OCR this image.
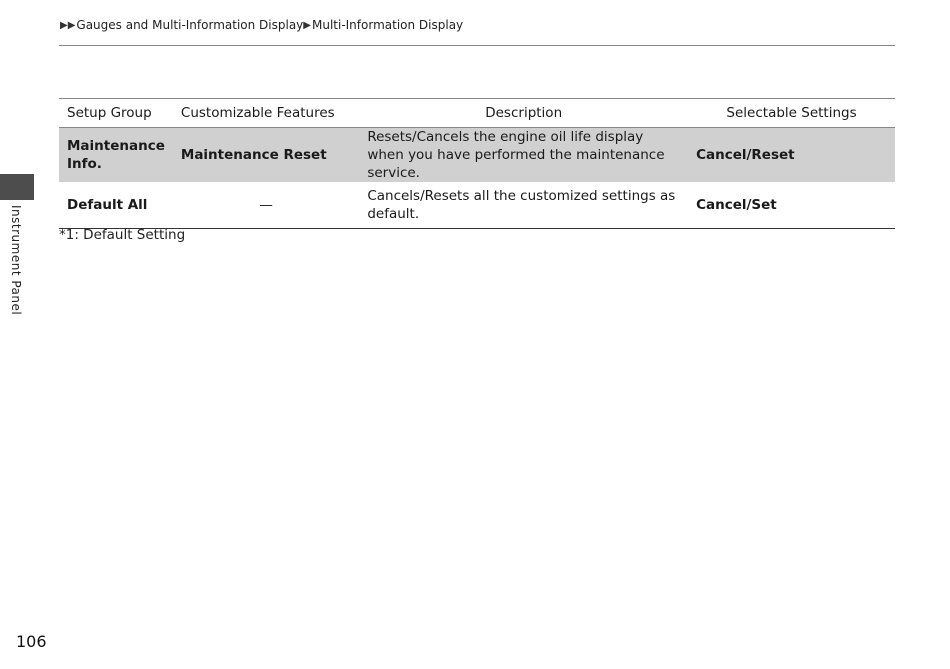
▶▶ Gauges and Multi-Information Display ▶ Multi-Information Display
Instrument Panel
Setup Group	Customizable Features	Description	Selectable Settings
Maintenance Info.	Maintenance Reset	Resets/Cancels the engine oil life display when you have performed the maintenance service.	Cancel/Reset
Default All	—	Cancels/Resets all the customized settings as default.	Cancel/Set
*1: Default Setting
106
